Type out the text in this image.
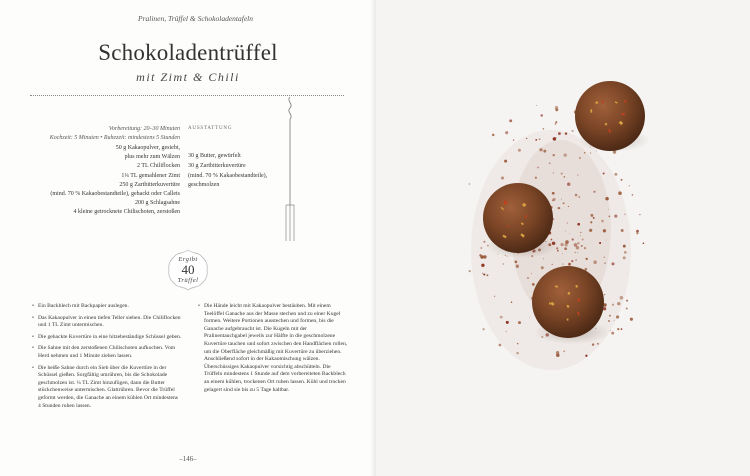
Pralinen, Trüffel & Schokoladentafeln
Schokoladentrüffel
mit Zimt & Chili
Vorbereitung: 20–30 Minuten
Kochzeit: 5 Minuten • Ruhezeit: mindestens 5 Stunden
AUSSTATTUNG
50 g Kakaopulver, gesiebt,
plus mehr zum Wälzen
2 TL Chiliflocken
1¼ TL gemahlener Zimt
250 g Zartbitterkuvertüre
(mind. 70 % Kakaobestandteile), gehackt oder Callets
200 g Schlagsahne
4 kleine getrocknete Chilischoten, zerstoßen
30 g Butter, gewürfelt
30 g Zartbitterkuvertüre
(mind. 70 % Kakaobestandteile), geschmolzen
Ergibt
40
Trüffel
• Ein Backblech mit Backpapier auslegen.
• Das Kakaopulver in einen tiefen Teller sieben. Die Chiliflocken und 1 TL Zimt untermischen.
• Die gehackte Kuvertüre in eine hitzebeständige Schüssel geben.
• Die Sahne mit den zerstoßenen Chilischoten aufkochen. Vom Herd nehmen und 1 Minute ziehen lassen.
• Die heiße Sahne durch ein Sieb über die Kuvertüre in der Schüssel gießen. Sorgfältig umrühren, bis die Schokolade geschmolzen ist. ¼ TL Zimt hinzufügen, dann die Butter stückchenweise untermischen. Glattrühren. Bevor die Trüffel geformt werden, die Ganache an einem kühlen Ort mindestens 4 Stunden ruhen lassen.
• Die Hände leicht mit Kakaopulver bestäuben. Mit einem Teelöffel Ganache aus der Masse stechen und zu einer Kugel formen. Weitere Portionen ausstechen und formen, bis die Ganache aufgebraucht ist. Die Kugeln mit der Pralinentauchgabel jeweils zur Hälfte in die geschmolzene Kuvertüre tauchen und sofort zwischen den Handflächen rollen, um die Oberfläche gleichmäßig mit Kuvertüre zu überziehen. Anschließend sofort in der Kakaomischung wälzen. Überschüssiges Kakaopulver vorsichtig abschütteln. Die Trüffeln mindestens 1 Stunde auf dem vorbereiteten Backblech an einem kühlen, trockenen Ort ruhen lassen. Kühl und trocken gelagert sind sie bis zu 5 Tage haltbar.
–146–
